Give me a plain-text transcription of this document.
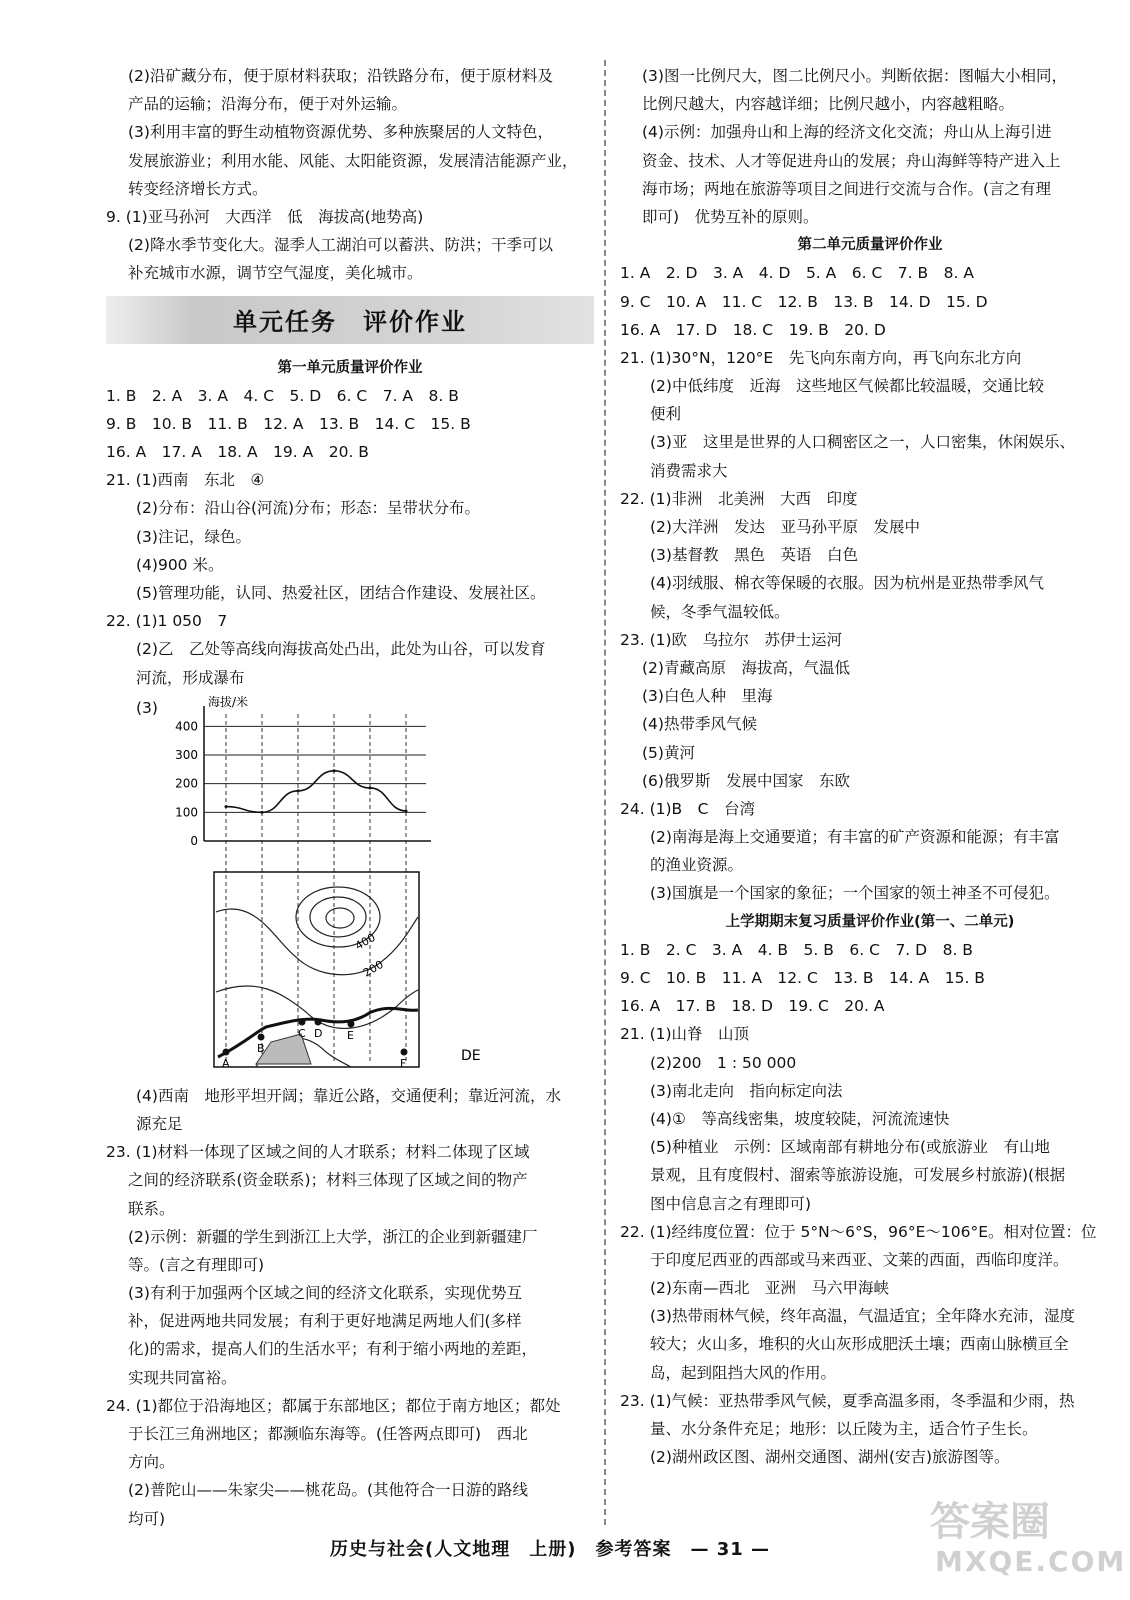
(2)沿矿藏分布，便于原材料获取；沿铁路分布，便于原材料及
产品的运输；沿海分布，便于对外运输。
(3)利用丰富的野生动植物资源优势、多种族聚居的人文特色，
发展旅游业；利用水能、风能、太阳能资源，发展清洁能源产业，
转变经济增长方式。
9. (1)亚马孙河　大西洋　低　海拔高(地势高)
(2)降水季节变化大。湿季人工湖泊可以蓄洪、防洪；干季可以
补充城市水源，调节空气湿度，美化城市。
单元任务　评价作业
第一单元质量评价作业
1. B　2. A　3. A　4. C　5. D　6. C　7. A　8. B
9. B　10. B　11. B　12. A　13. B　14. C　15. B
16. A　17. A　18. A　19. A　20. B
21. (1)西南　东北　④
(2)分布：沿山谷(河流)分布；形态：呈带状分布。
(3)注记，绿色。
(4)900 米。
(5)管理功能，认同、热爱社区，团结合作建设、发展社区。
22. (1)1 050　7
(2)乙　乙处等高线向海拔高处凸出，此处为山谷，可以发育
河流，形成瀑布
(3)	海拔/米
0
100
200
300
400
A
B
C D E
F
400
200
DE
(4)西南　地形平坦开阔；靠近公路，交通便利；靠近河流，水
源充足
23. (1)材料一体现了区域之间的人才联系；材料二体现了区域
之间的经济联系(资金联系)；材料三体现了区域之间的物产
联系。
(2)示例：新疆的学生到浙江上大学，浙江的企业到新疆建厂
等。(言之有理即可)
(3)有利于加强两个区域之间的经济文化联系，实现优势互
补，促进两地共同发展；有利于更好地满足两地人们(多样
化)的需求，提高人们的生活水平；有利于缩小两地的差距，
实现共同富裕。
24. (1)都位于沿海地区；都属于东部地区；都位于南方地区；都处
于长江三角洲地区；都濒临东海等。(任答两点即可)　西北
方向。
(2)普陀山——朱家尖——桃花岛。(其他符合一日游的路线
均可)
(3)图一比例尺大，图二比例尺小。判断依据：图幅大小相同，
比例尺越大，内容越详细；比例尺越小，内容越粗略。
(4)示例：加强舟山和上海的经济文化交流；舟山从上海引进
资金、技术、人才等促进舟山的发展；舟山海鲜等特产进入上
海市场；两地在旅游等项目之间进行交流与合作。(言之有理
即可)　优势互补的原则。
第二单元质量评价作业
1. A　2. D　3. A　4. D　5. A　6. C　7. B　8. A
9. C　10. A　11. C　12. B　13. B　14. D　15. D
16. A　17. D　18. C　19. B　20. D
21. (1)30°N，120°E　先飞向东南方向，再飞向东北方向
(2)中低纬度　近海　这些地区气候都比较温暖，交通比较
便利
(3)亚　这里是世界的人口稠密区之一，人口密集，休闲娱乐、
消费需求大
22. (1)非洲　北美洲　大西　印度
(2)大洋洲　发达　亚马孙平原　发展中
(3)基督教　黑色　英语　白色
(4)羽绒服、棉衣等保暖的衣服。因为杭州是亚热带季风气
候，冬季气温较低。
23. (1)欧　乌拉尔　苏伊士运河
(2)青藏高原　海拔高，气温低
(3)白色人种　里海
(4)热带季风气候
(5)黄河
(6)俄罗斯　发展中国家　东欧
24. (1)B　C　台湾
(2)南海是海上交通要道；有丰富的矿产资源和能源；有丰富
的渔业资源。
(3)国旗是一个国家的象征；一个国家的领土神圣不可侵犯。
上学期期末复习质量评价作业(第一、二单元)
1. B　2. C　3. A　4. B　5. B　6. C　7. D　8. B
9. C　10. B　11. A　12. C　13. B　14. A　15. B
16. A　17. B　18. D　19. C　20. A
21. (1)山脊　山顶
(2)200　1 : 50 000
(3)南北走向　指向标定向法
(4)①　等高线密集，坡度较陡，河流流速快
(5)种植业　示例：区域南部有耕地分布(或旅游业　有山地
景观，且有度假村、溜索等旅游设施，可发展乡村旅游)(根据
图中信息言之有理即可)
22. (1)经纬度位置：位于 5°N～6°S，96°E～106°E。相对位置：位
于印度尼西亚的西部或马来西亚、文莱的西面，西临印度洋。
(2)东南—西北　亚洲　马六甲海峡
(3)热带雨林气候，终年高温，气温适宜；全年降水充沛，湿度
较大；火山多，堆积的火山灰形成肥沃土壤；西南山脉横亘全
岛，起到阻挡大风的作用。
23. (1)气候：亚热带季风气候，夏季高温多雨，冬季温和少雨，热
量、水分条件充足；地形：以丘陵为主，适合竹子生长。
(2)湖州政区图、湖州交通图、湖州(安吉)旅游图等。
历史与社会(人文地理　上册)　参考答案　— 31 —
答案圈
MXQE.COM
